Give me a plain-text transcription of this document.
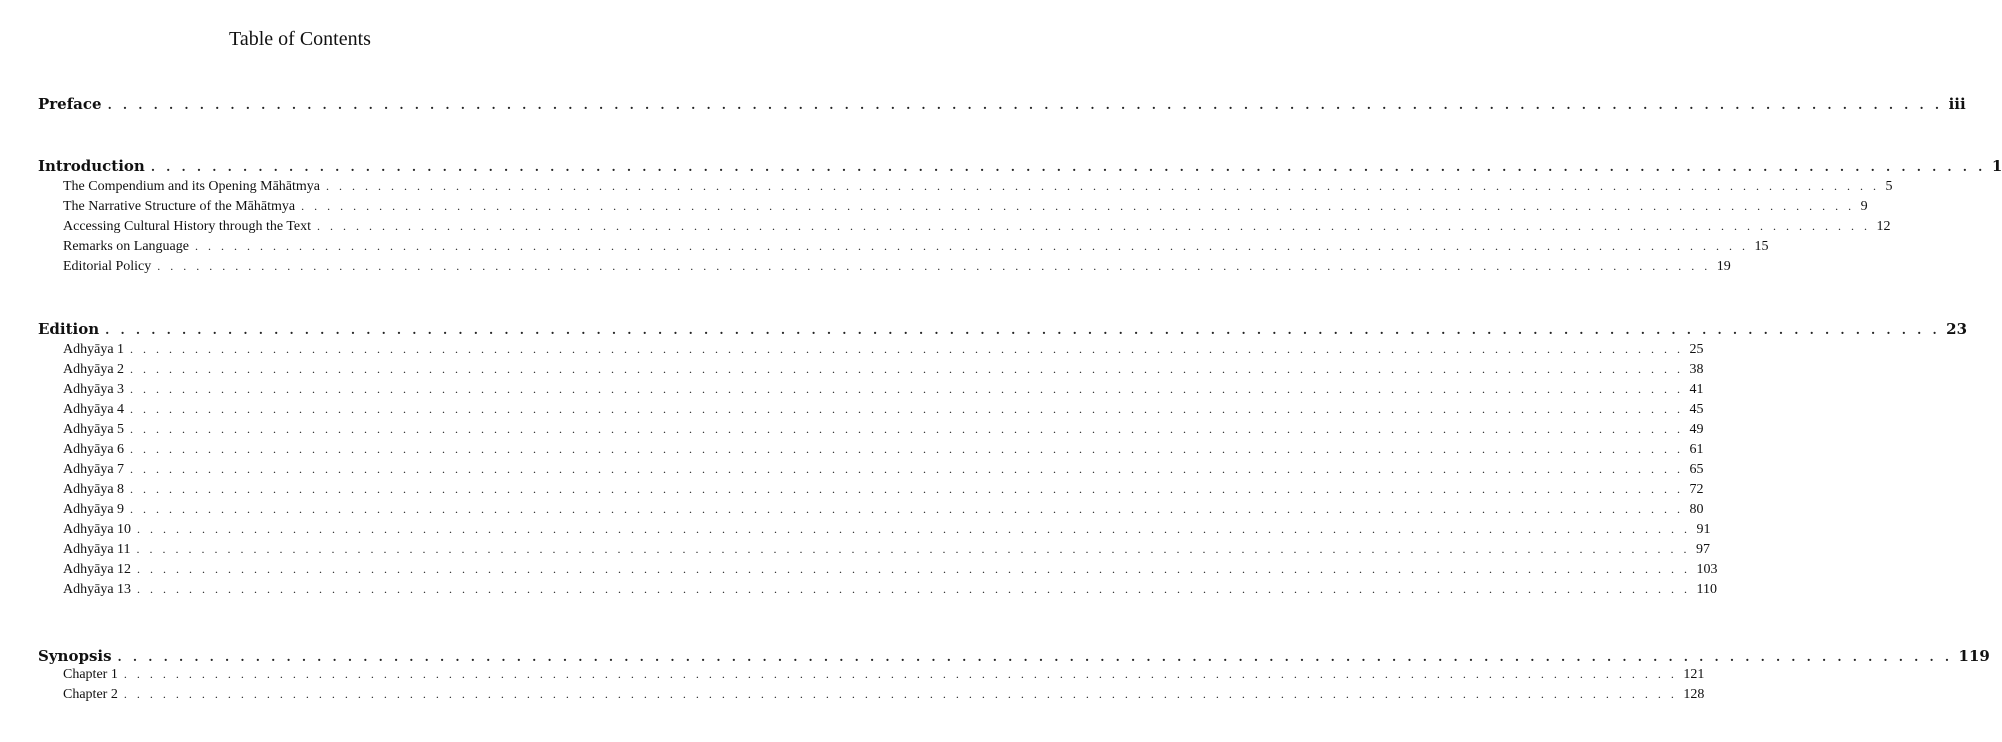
Table of Contents
Preface . . . . . . . . . . . . . . . . . . . . . . . . . . . . . . . . . . . . . . . . . . . . . . . . . . . . . . . . . . . . . . . . . . . . . . . . . . . . . . . . . . . . . . . . . . . . . . . . . . . . . . . . . . . . . . . . . . . . . . . . iii
Introduction . . . . . . . . . . . . . . . . . . . . . . . . . . . . . . . . . . . . . . . . . . . . . . . . . . . . . . . . . . . . . . . . . . . . . . . . . . . . . . . . . . . . . . . . . . . . . . . . . . . . . . . . . . . . . . . . . . . . . . . . 1
The Compendium and its Opening Māhātmya . . . . . . . . . . . . . . . . . . . . . . . . . . . . . . . . . . . . . . . . . . . . . . . . . . . . . . . . . . . . . . . . . . . . . . . . . . . . . . . . . . . . . . . . . . . . . . . . . . . . . . . . . . . . . . . . . . . . . . . . 5
The Narrative Structure of the Māhātmya . . . . . . . . . . . . . . . . . . . . . . . . . . . . . . . . . . . . . . . . . . . . . . . . . . . . . . . . . . . . . . . . . . . . . . . . . . . . . . . . . . . . . . . . . . . . . . . . . . . . . . . . . . . . . . . . . . . . . . . . 9
Accessing Cultural History through the Text . . . . . . . . . . . . . . . . . . . . . . . . . . . . . . . . . . . . . . . . . . . . . . . . . . . . . . . . . . . . . . . . . . . . . . . . . . . . . . . . . . . . . . . . . . . . . . . . . . . . . . . . . . . . . . . . . . . . . . . . 12
Remarks on Language . . . . . . . . . . . . . . . . . . . . . . . . . . . . . . . . . . . . . . . . . . . . . . . . . . . . . . . . . . . . . . . . . . . . . . . . . . . . . . . . . . . . . . . . . . . . . . . . . . . . . . . . . . . . . . . . . . . . . . . . 15
Editorial Policy . . . . . . . . . . . . . . . . . . . . . . . . . . . . . . . . . . . . . . . . . . . . . . . . . . . . . . . . . . . . . . . . . . . . . . . . . . . . . . . . . . . . . . . . . . . . . . . . . . . . . . . . . . . . . . . . . . . . . . . . 19
Edition . . . . . . . . . . . . . . . . . . . . . . . . . . . . . . . . . . . . . . . . . . . . . . . . . . . . . . . . . . . . . . . . . . . . . . . . . . . . . . . . . . . . . . . . . . . . . . . . . . . . . . . . . . . . . . . . . . . . . . . . 23
Adhyāya 1 . . . . . . . . . . . . . . . . . . . . . . . . . . . . . . . . . . . . . . . . . . . . . . . . . . . . . . . . . . . . . . . . . . . . . . . . . . . . . . . . . . . . . . . . . . . . . . . . . . . . . . . . . . . . . . . . . . . . . . . . 25
Adhyāya 2 . . . . . . . . . . . . . . . . . . . . . . . . . . . . . . . . . . . . . . . . . . . . . . . . . . . . . . . . . . . . . . . . . . . . . . . . . . . . . . . . . . . . . . . . . . . . . . . . . . . . . . . . . . . . . . . . . . . . . . . . 38
Adhyāya 3 . . . . . . . . . . . . . . . . . . . . . . . . . . . . . . . . . . . . . . . . . . . . . . . . . . . . . . . . . . . . . . . . . . . . . . . . . . . . . . . . . . . . . . . . . . . . . . . . . . . . . . . . . . . . . . . . . . . . . . . . 41
Adhyāya 4 . . . . . . . . . . . . . . . . . . . . . . . . . . . . . . . . . . . . . . . . . . . . . . . . . . . . . . . . . . . . . . . . . . . . . . . . . . . . . . . . . . . . . . . . . . . . . . . . . . . . . . . . . . . . . . . . . . . . . . . . 45
Adhyāya 5 . . . . . . . . . . . . . . . . . . . . . . . . . . . . . . . . . . . . . . . . . . . . . . . . . . . . . . . . . . . . . . . . . . . . . . . . . . . . . . . . . . . . . . . . . . . . . . . . . . . . . . . . . . . . . . . . . . . . . . . . 49
Adhyāya 6 . . . . . . . . . . . . . . . . . . . . . . . . . . . . . . . . . . . . . . . . . . . . . . . . . . . . . . . . . . . . . . . . . . . . . . . . . . . . . . . . . . . . . . . . . . . . . . . . . . . . . . . . . . . . . . . . . . . . . . . . 61
Adhyāya 7 . . . . . . . . . . . . . . . . . . . . . . . . . . . . . . . . . . . . . . . . . . . . . . . . . . . . . . . . . . . . . . . . . . . . . . . . . . . . . . . . . . . . . . . . . . . . . . . . . . . . . . . . . . . . . . . . . . . . . . . . 65
Adhyāya 8 . . . . . . . . . . . . . . . . . . . . . . . . . . . . . . . . . . . . . . . . . . . . . . . . . . . . . . . . . . . . . . . . . . . . . . . . . . . . . . . . . . . . . . . . . . . . . . . . . . . . . . . . . . . . . . . . . . . . . . . . 72
Adhyāya 9 . . . . . . . . . . . . . . . . . . . . . . . . . . . . . . . . . . . . . . . . . . . . . . . . . . . . . . . . . . . . . . . . . . . . . . . . . . . . . . . . . . . . . . . . . . . . . . . . . . . . . . . . . . . . . . . . . . . . . . . . 80
Adhyāya 10 . . . . . . . . . . . . . . . . . . . . . . . . . . . . . . . . . . . . . . . . . . . . . . . . . . . . . . . . . . . . . . . . . . . . . . . . . . . . . . . . . . . . . . . . . . . . . . . . . . . . . . . . . . . . . . . . . . . . . . . . 91
Adhyāya 11 . . . . . . . . . . . . . . . . . . . . . . . . . . . . . . . . . . . . . . . . . . . . . . . . . . . . . . . . . . . . . . . . . . . . . . . . . . . . . . . . . . . . . . . . . . . . . . . . . . . . . . . . . . . . . . . . . . . . . . . . 97
Adhyāya 12 . . . . . . . . . . . . . . . . . . . . . . . . . . . . . . . . . . . . . . . . . . . . . . . . . . . . . . . . . . . . . . . . . . . . . . . . . . . . . . . . . . . . . . . . . . . . . . . . . . . . . . . . . . . . . . . . . . . . . . . . 103
Adhyāya 13 . . . . . . . . . . . . . . . . . . . . . . . . . . . . . . . . . . . . . . . . . . . . . . . . . . . . . . . . . . . . . . . . . . . . . . . . . . . . . . . . . . . . . . . . . . . . . . . . . . . . . . . . . . . . . . . . . . . . . . . . 110
Synopsis . . . . . . . . . . . . . . . . . . . . . . . . . . . . . . . . . . . . . . . . . . . . . . . . . . . . . . . . . . . . . . . . . . . . . . . . . . . . . . . . . . . . . . . . . . . . . . . . . . . . . . . . . . . . . . . . . . . . . . . . 119
Chapter 1 . . . . . . . . . . . . . . . . . . . . . . . . . . . . . . . . . . . . . . . . . . . . . . . . . . . . . . . . . . . . . . . . . . . . . . . . . . . . . . . . . . . . . . . . . . . . . . . . . . . . . . . . . . . . . . . . . . . . . . . . 121
Chapter 2 . . . . . . . . . . . . . . . . . . . . . . . . . . . . . . . . . . . . . . . . . . . . . . . . . . . . . . . . . . . . . . . . . . . . . . . . . . . . . . . . . . . . . . . . . . . . . . . . . . . . . . . . . . . . . . . . . . . . . . . . 128
